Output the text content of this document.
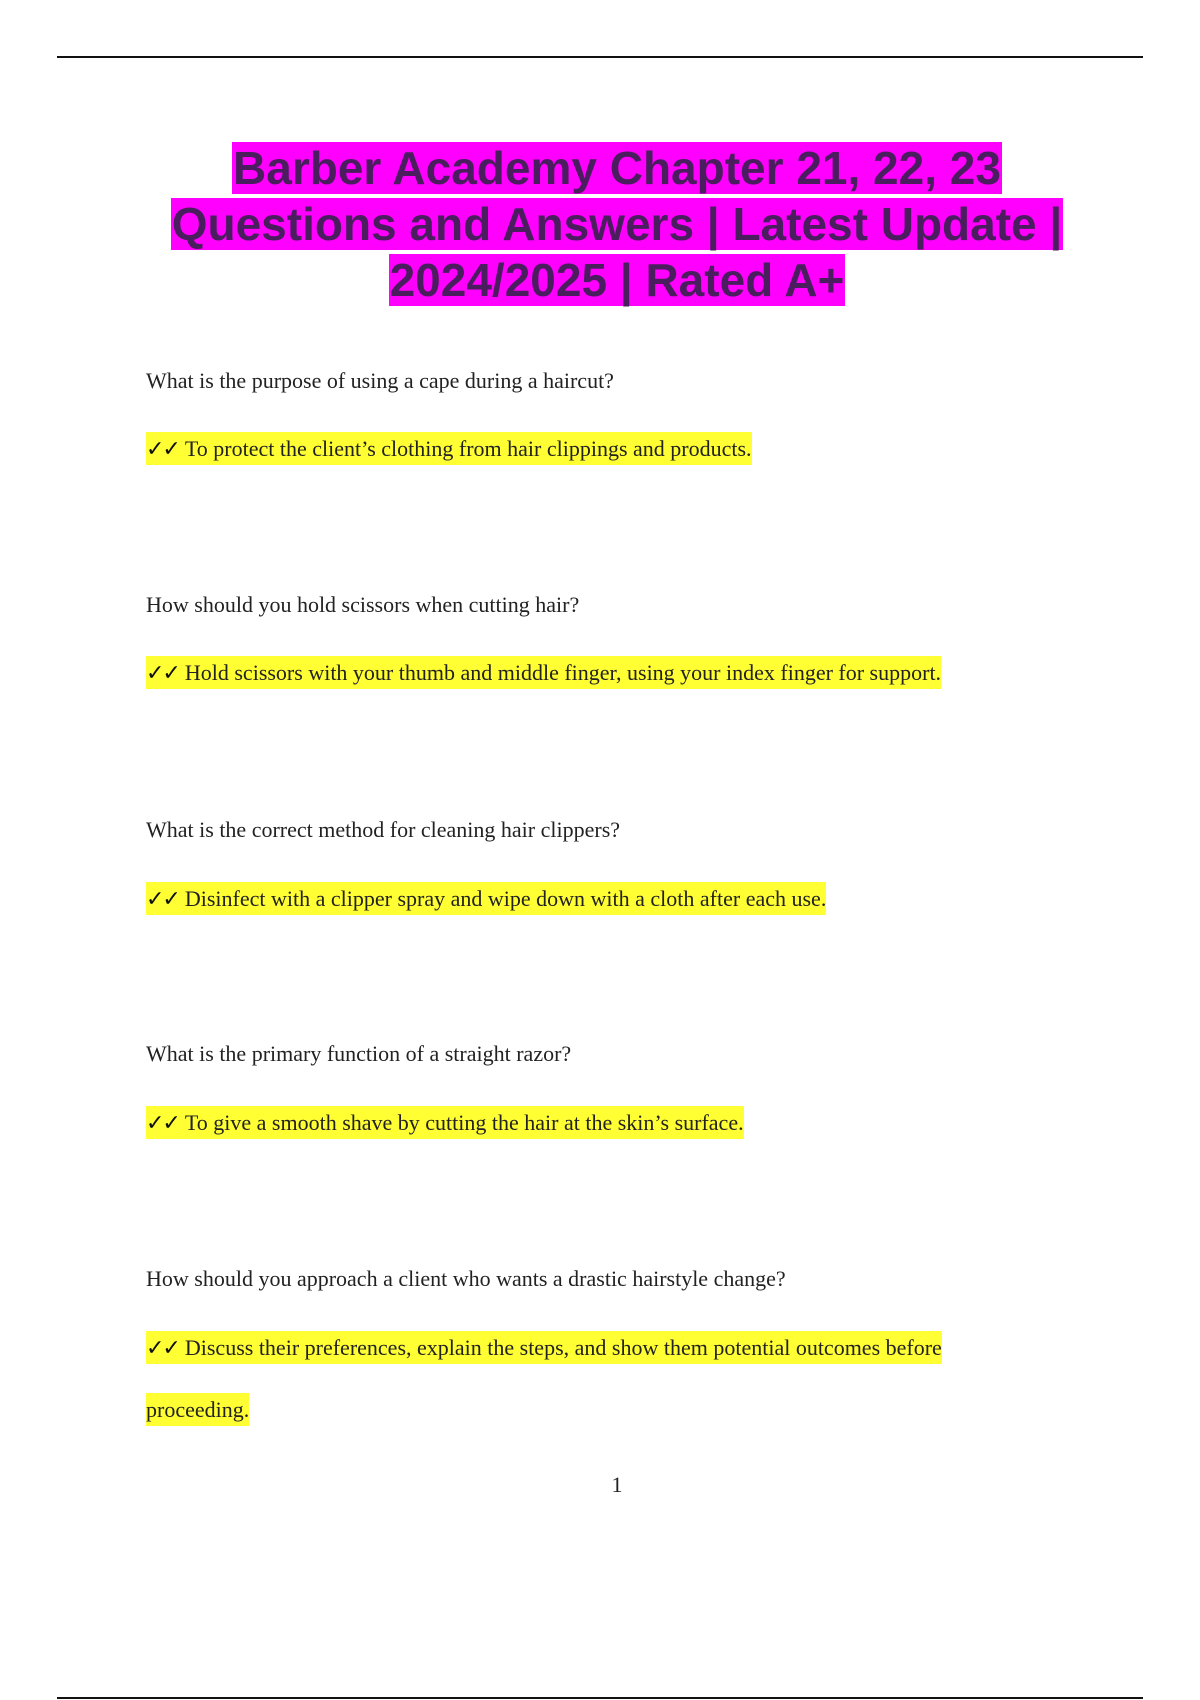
Barber Academy Chapter 21, 22, 23
Questions and Answers | Latest Update |
2024/2025 | Rated A+

What is the purpose of using a cape during a haircut?

✓✓ To protect the client’s clothing from hair clippings and products.

How should you hold scissors when cutting hair?

✓✓ Hold scissors with your thumb and middle finger, using your index finger for support.

What is the correct method for cleaning hair clippers?

✓✓ Disinfect with a clipper spray and wipe down with a cloth after each use.

What is the primary function of a straight razor?

✓✓ To give a smooth shave by cutting the hair at the skin’s surface.

How should you approach a client who wants a drastic hairstyle change?

✓✓ Discuss their preferences, explain the steps, and show them potential outcomes before proceeding.

1
